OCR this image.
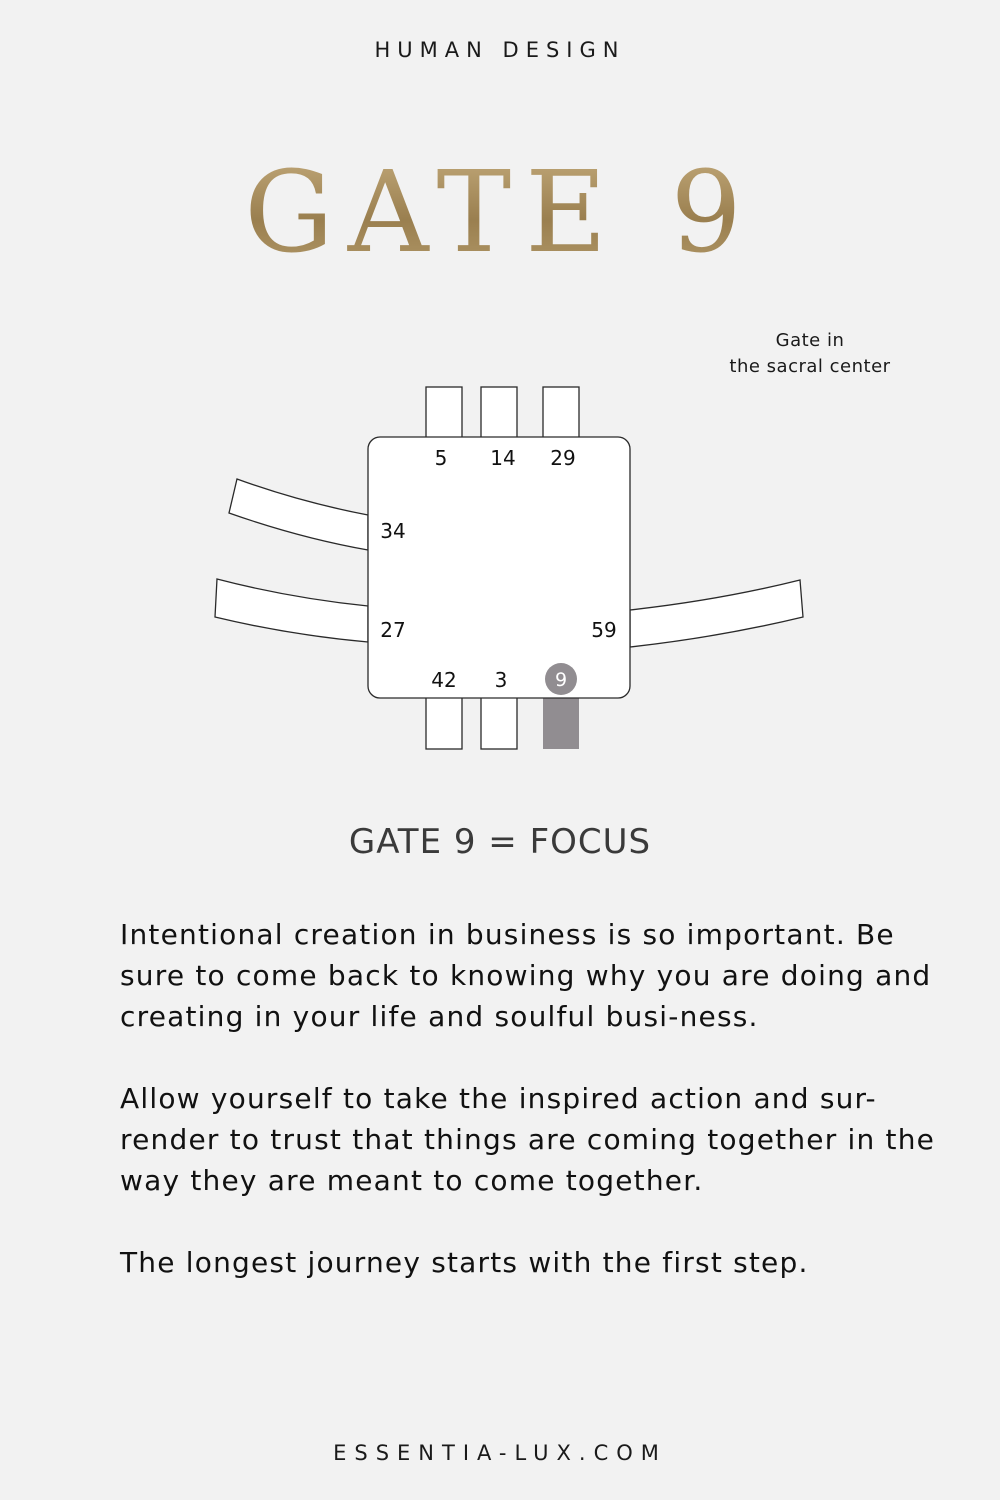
HUMAN DESIGN
GATE 9
Gate in
the sacral center
5 14 29
34
27	59
42 3	9
GATE 9 = FOCUS

Intentional creation in business is so important. Be sure to come back to knowing why you are doing and creating in your life and soulful busi-ness.

Allow yourself to take the inspired action and sur-render to trust that things are coming together in the way they are meant to come together.

The longest journey starts with the first step.

ESSENTIA-LUX.COM
